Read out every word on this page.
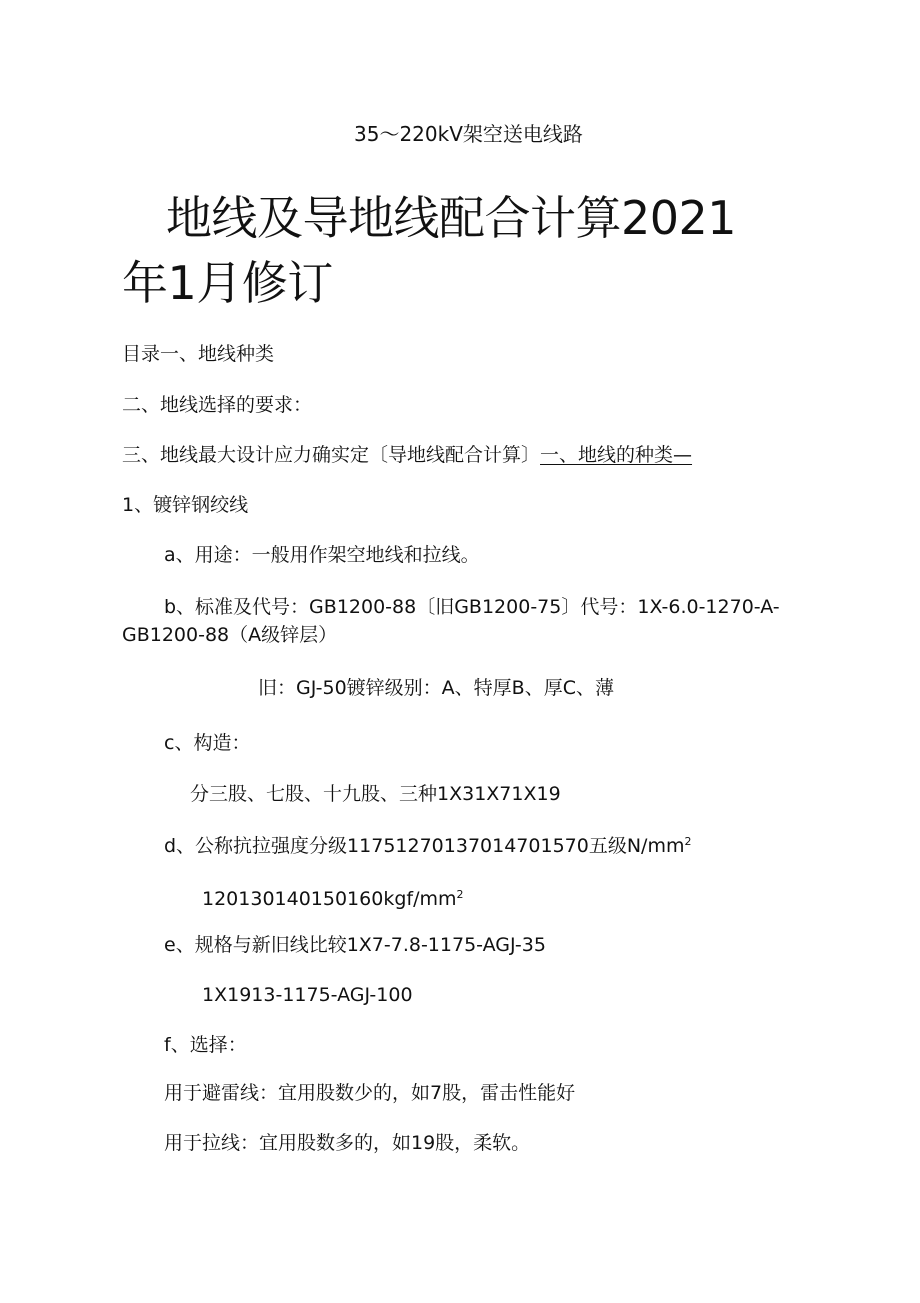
35～220kV架空送电线路
地线及导地线配合计算2021
年1月修订
目录一、地线种类
二、地线选择的要求：
三、地线最大设计应力确实定〔导地线配合计算〕一、地线的种类—
1、镀锌钢绞线
a、用途：一般用作架空地线和拉线。
b、标准及代号：GB1200-88〔旧GB1200-75〕代号：1X-6.0-1270-A-
GB1200-88（A级锌层）
旧：GJ-50镀锌级别：A、特厚B、厚C、薄
c、构造：
分三股、七股、十九股、三种1X31X71X19
d、公称抗拉强度分级11751270137014701570五级$N/mm^2$
$120130140150160kgf/mm^2$
e、规格与新旧线比较1X7-7.8-1175-AGJ-35
1X1913-1175-AGJ-100
f、选择：
用于避雷线：宜用股数少的，如7股，雷击性能好
用于拉线：宜用股数多的，如19股，柔软。
